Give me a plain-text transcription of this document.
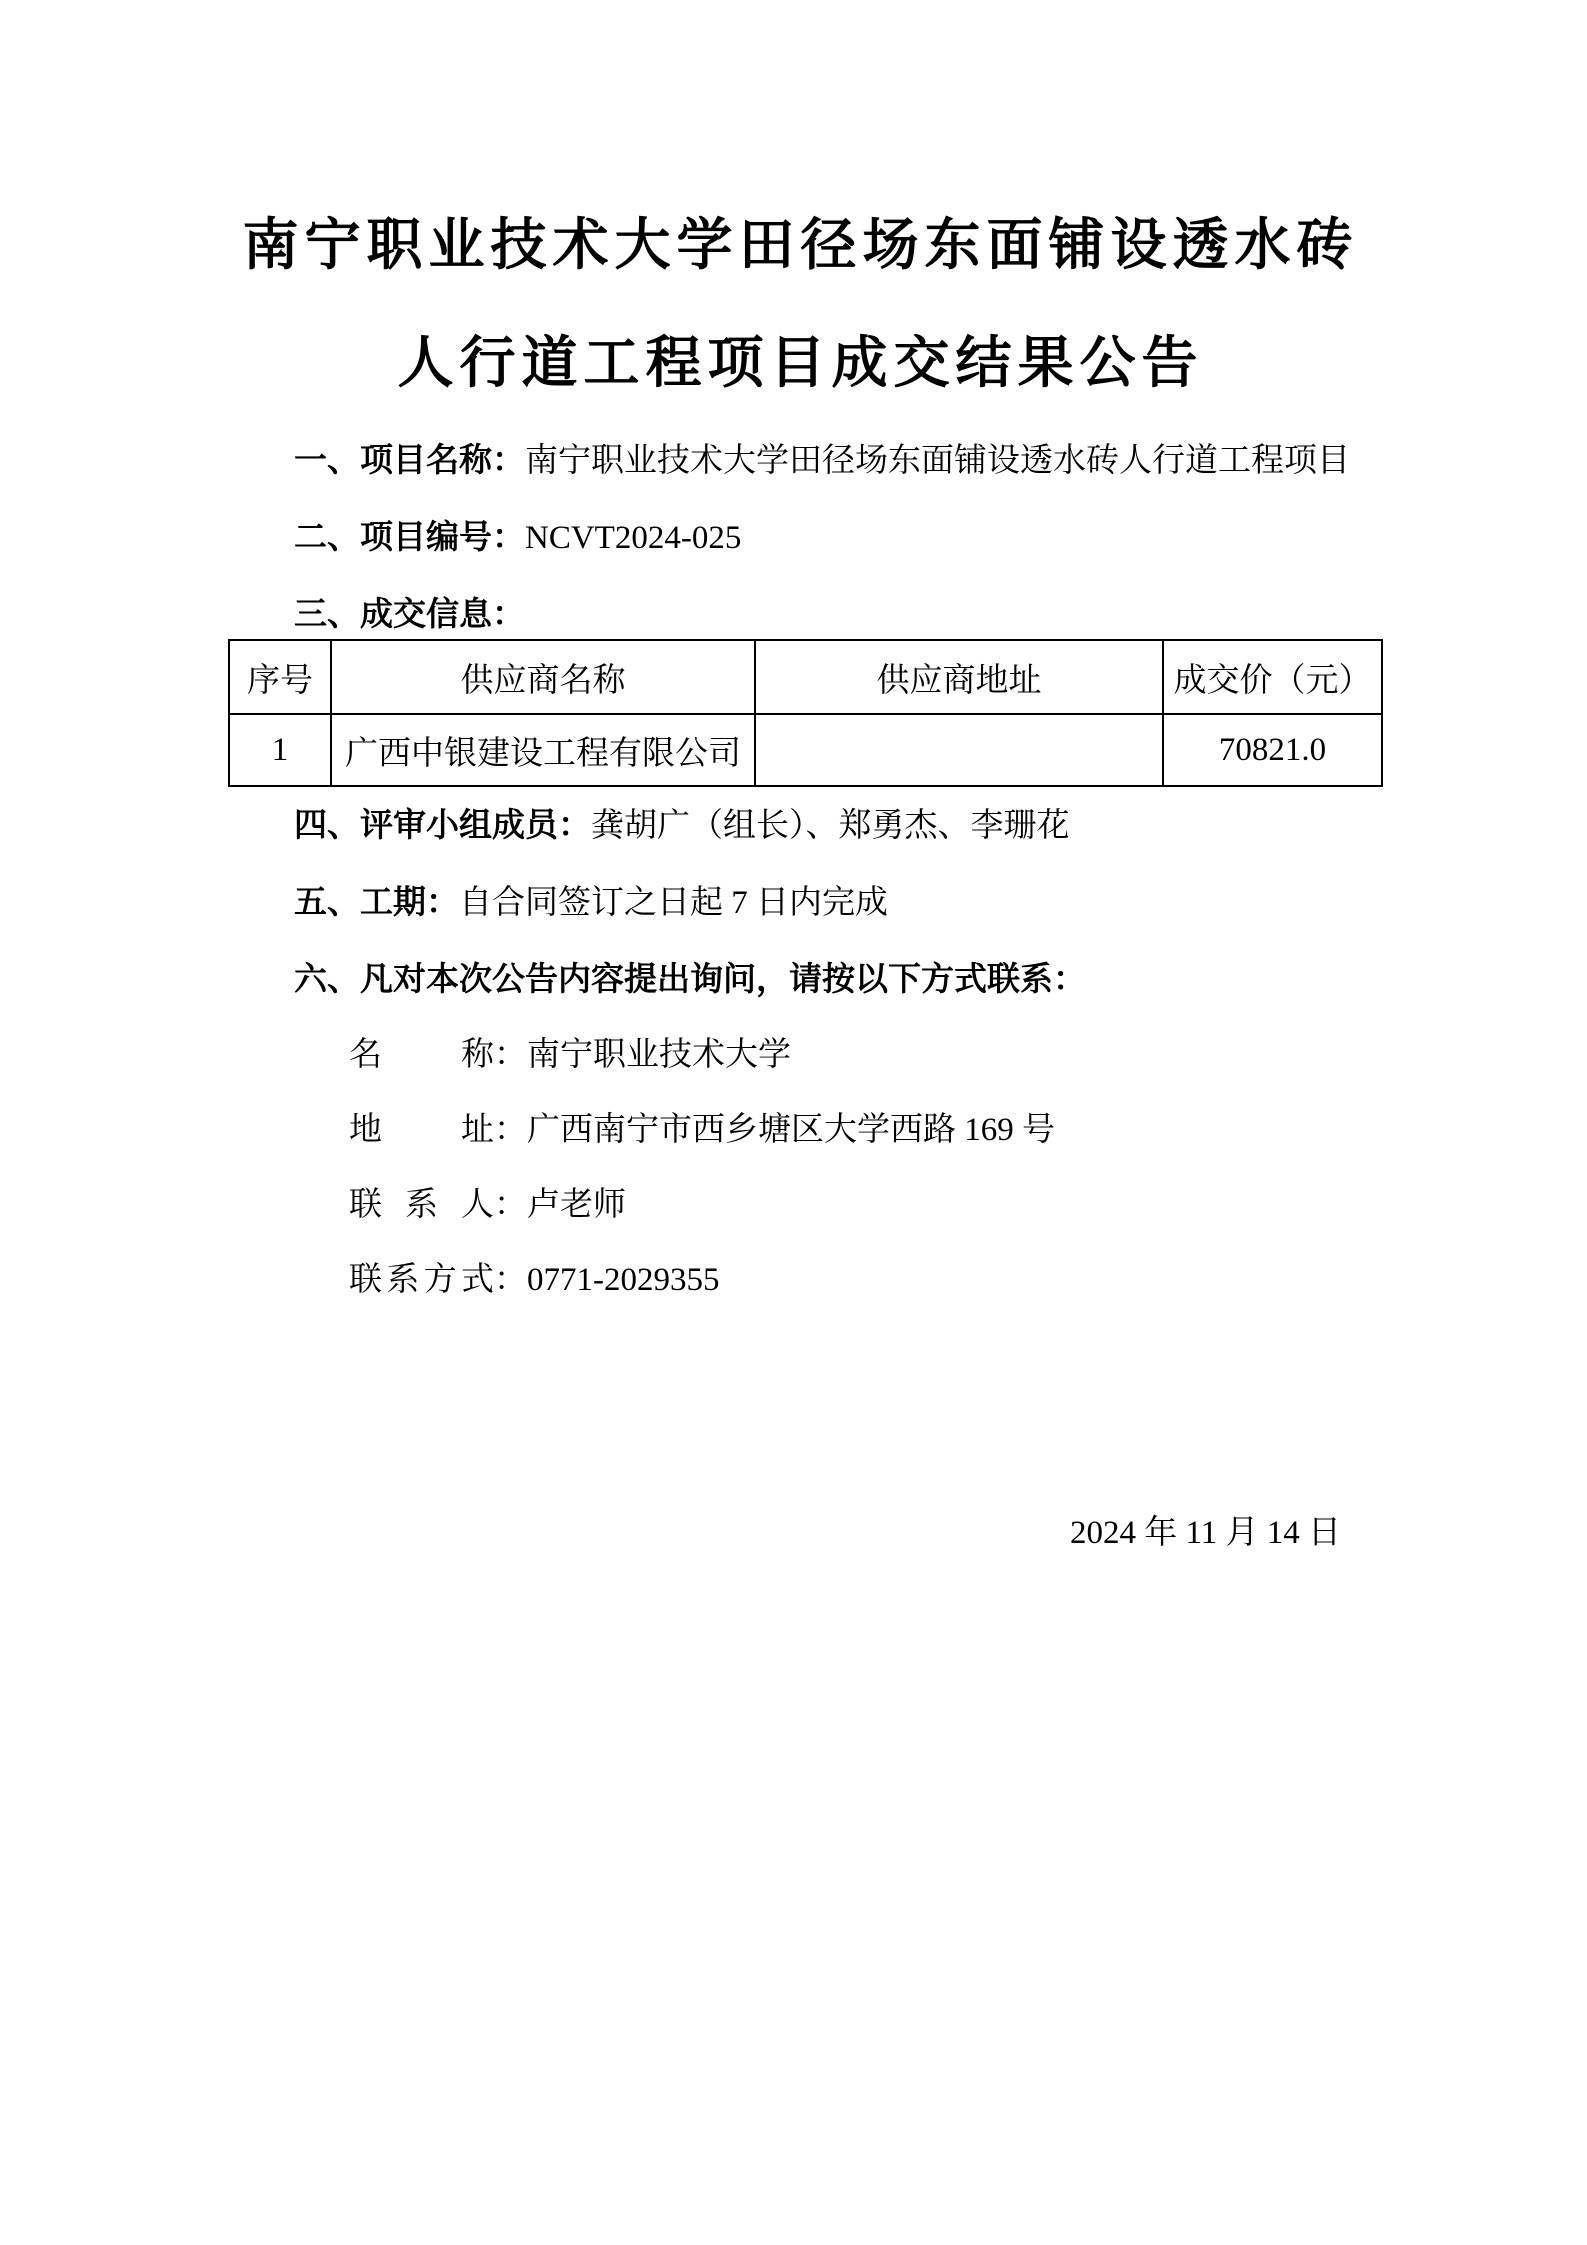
南宁职业技术大学田径场东面铺设透水砖
人行道工程项目成交结果公告

一、项目名称：南宁职业技术大学田径场东面铺设透水砖人行道工程项目

二、项目编号：NCVT2024-025

三、成交信息：

序号	供应商名称	供应商地址	成交价（元）
1	广西中银建设工程有限公司		70821.0

四、评审小组成员：龚胡广（组长）、郑勇杰、李珊花

五、工期：自合同签订之日起 7 日内完成

六、凡对本次公告内容提出询问，请按以下方式联系：

名称：南宁职业技术大学

地址：广西南宁市西乡塘区大学西路 169 号

联系人：卢老师

联系方式：0771-2029355

2024 年 11 月 14 日
